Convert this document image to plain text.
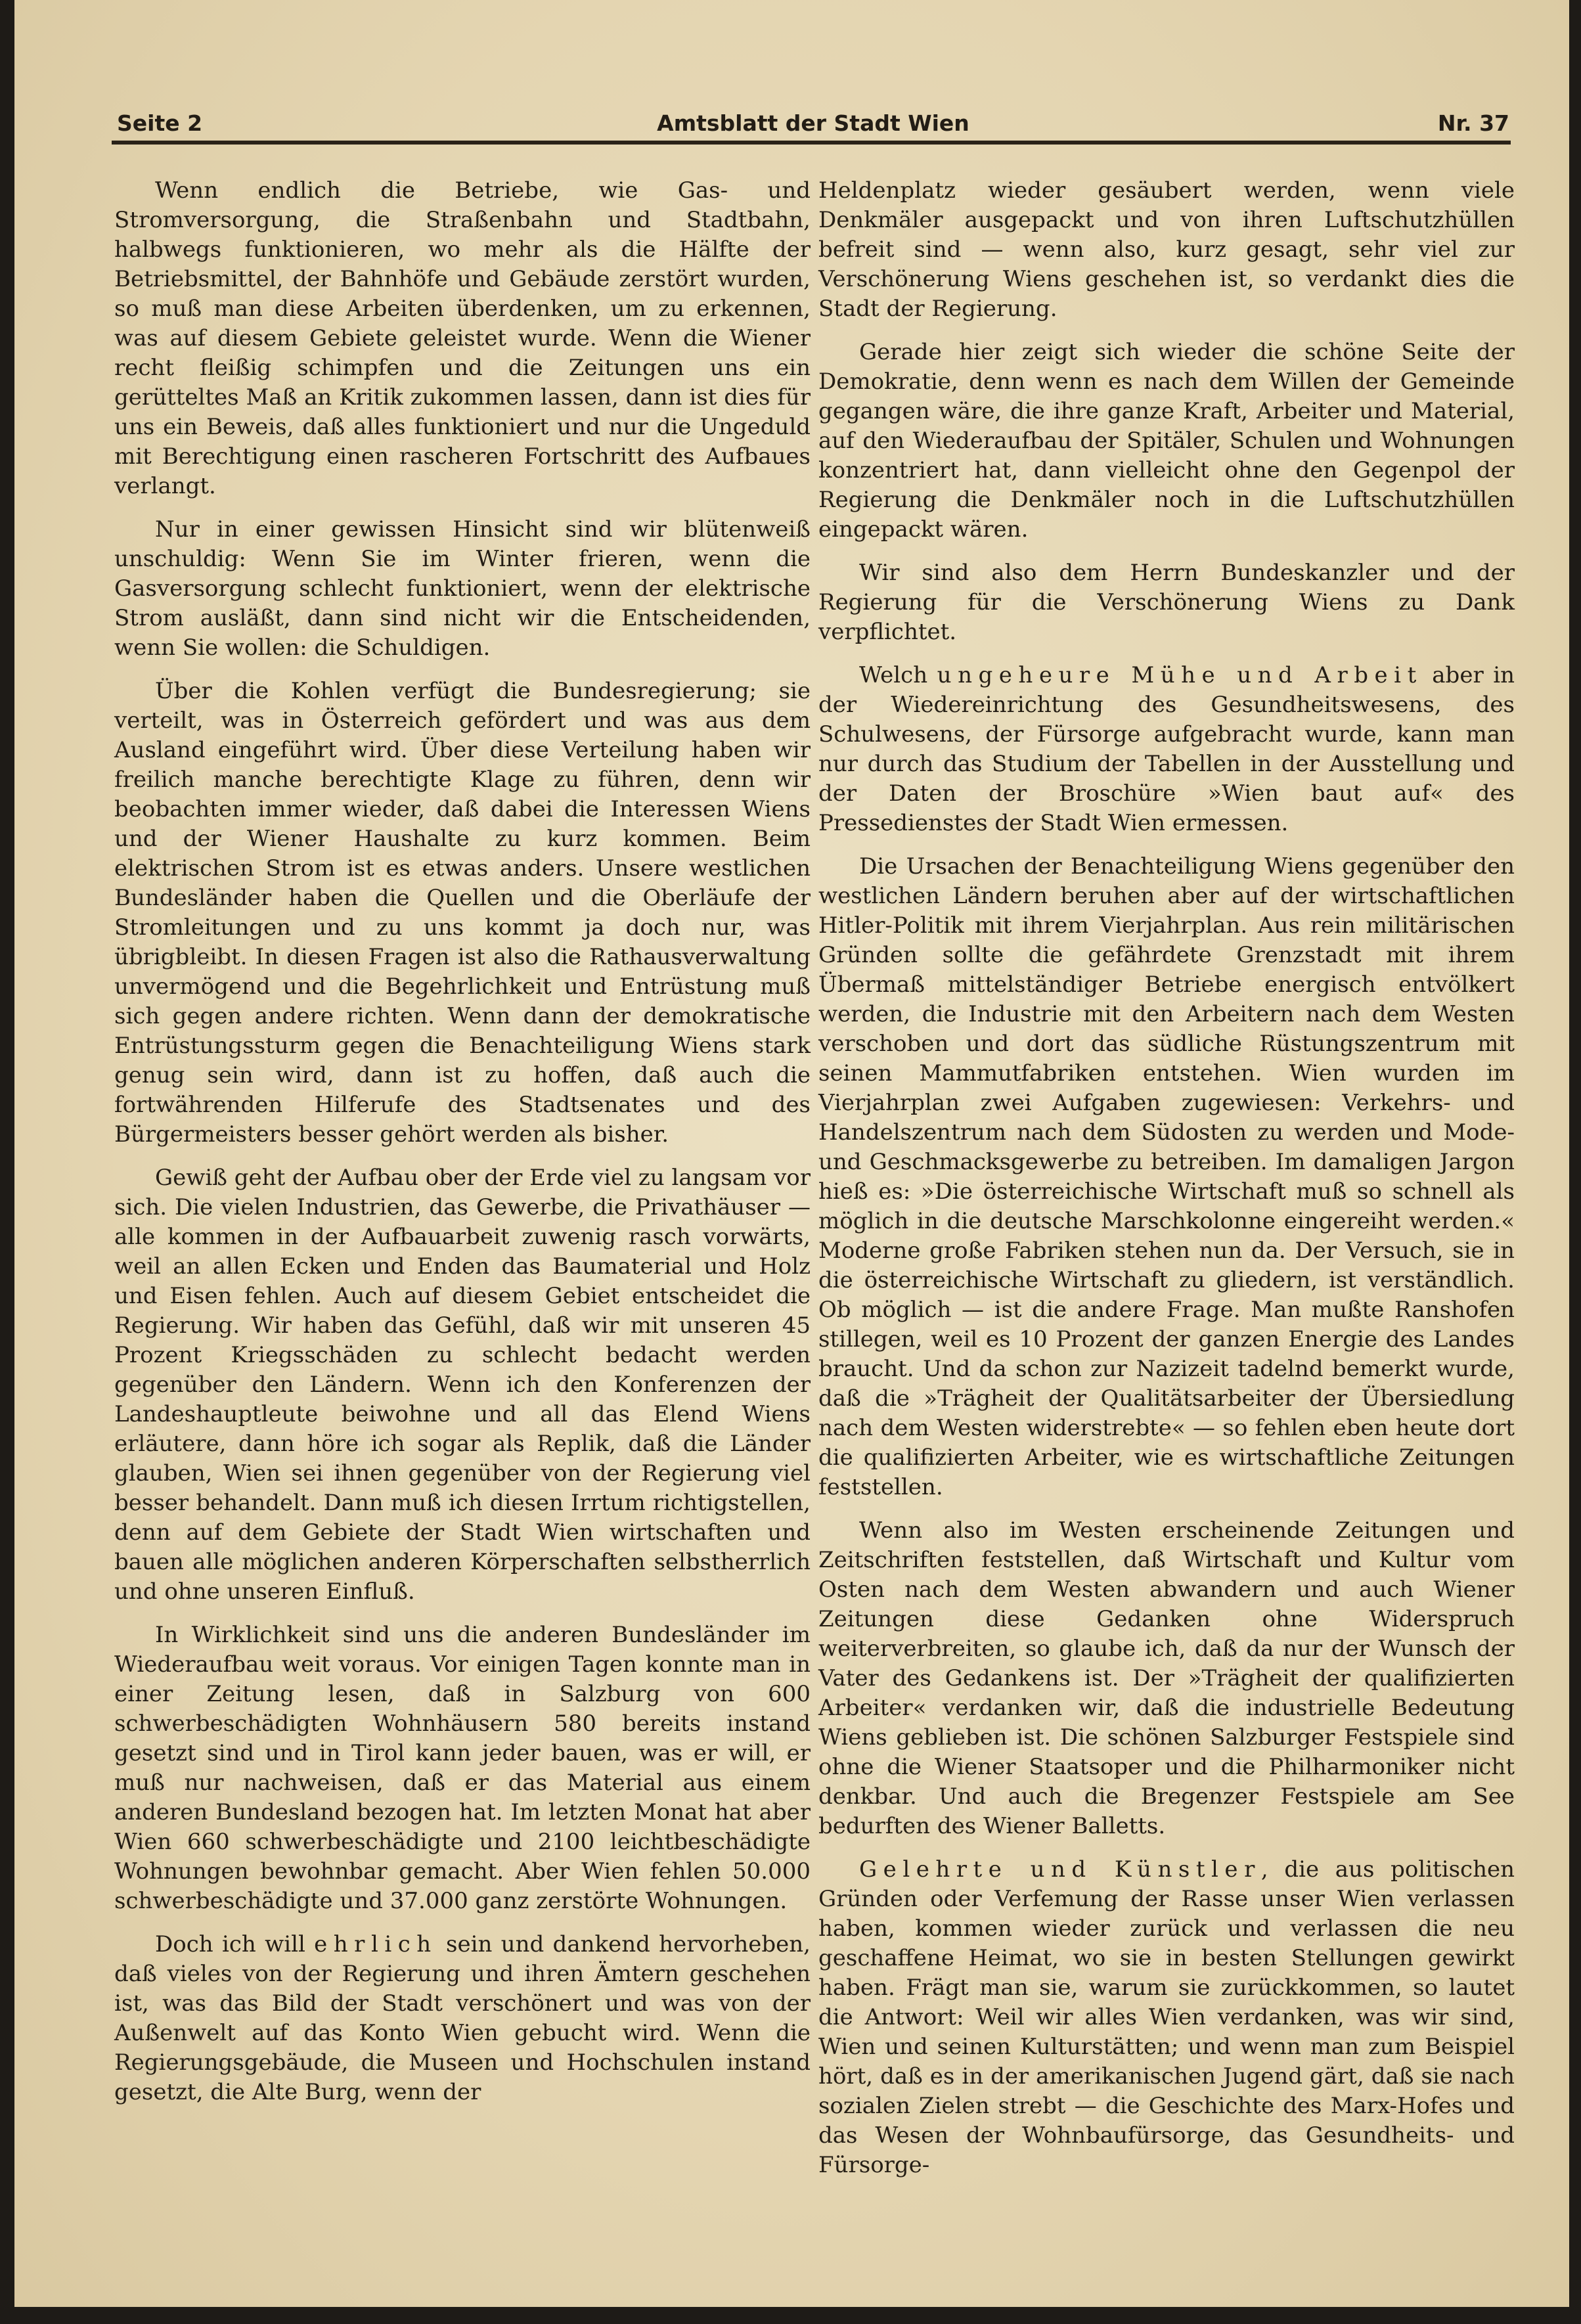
Seite 2	Amtsblatt der Stadt Wien	Nr. 37

Wenn endlich die Betriebe, wie Gas- und Stromversorgung, die Straßenbahn und Stadtbahn, halbwegs funktionieren, wo mehr als die Hälfte der Betriebsmittel, der Bahnhöfe und Gebäude zerstört wurden, so muß man diese Arbeiten überdenken, um zu erkennen, was auf diesem Gebiete geleistet wurde. Wenn die Wiener recht fleißig schimpfen und die Zeitungen uns ein gerütteltes Maß an Kritik zukommen lassen, dann ist dies für uns ein Beweis, daß alles funktioniert und nur die Ungeduld mit Berechtigung einen rascheren Fortschritt des Aufbaues verlangt.

Nur in einer gewissen Hinsicht sind wir blütenweiß unschuldig: Wenn Sie im Winter frieren, wenn die Gasversorgung schlecht funktioniert, wenn der elektrische Strom ausläßt, dann sind nicht wir die Entscheidenden, wenn Sie wollen: die Schuldigen.

Über die Kohlen verfügt die Bundesregierung; sie verteilt, was in Österreich gefördert und was aus dem Ausland eingeführt wird. Über diese Verteilung haben wir freilich manche berechtigte Klage zu führen, denn wir beobachten immer wieder, daß dabei die Interessen Wiens und der Wiener Haushalte zu kurz kommen. Beim elektrischen Strom ist es etwas anders. Unsere westlichen Bundesländer haben die Quellen und die Oberläufe der Stromleitungen und zu uns kommt ja doch nur, was übrigbleibt. In diesen Fragen ist also die Rathausverwaltung unvermögend und die Begehrlichkeit und Entrüstung muß sich gegen andere richten. Wenn dann der demokratische Entrüstungssturm gegen die Benachteiligung Wiens stark genug sein wird, dann ist zu hoffen, daß auch die fortwährenden Hilferufe des Stadtsenates und des Bürgermeisters besser gehört werden als bisher.

Gewiß geht der Aufbau ober der Erde viel zu langsam vor sich. Die vielen Industrien, das Gewerbe, die Privathäuser — alle kommen in der Aufbauarbeit zuwenig rasch vorwärts, weil an allen Ecken und Enden das Baumaterial und Holz und Eisen fehlen. Auch auf diesem Gebiet entscheidet die Regierung. Wir haben das Gefühl, daß wir mit unseren 45 Prozent Kriegsschäden zu schlecht bedacht werden gegenüber den Ländern. Wenn ich den Konferenzen der Landeshauptleute beiwohne und all das Elend Wiens erläutere, dann höre ich sogar als Replik, daß die Länder glauben, Wien sei ihnen gegenüber von der Regierung viel besser behandelt. Dann muß ich diesen Irrtum richtigstellen, denn auf dem Gebiete der Stadt Wien wirtschaften und bauen alle möglichen anderen Körperschaften selbstherrlich und ohne unseren Einfluß.

In Wirklichkeit sind uns die anderen Bundesländer im Wiederaufbau weit voraus. Vor einigen Tagen konnte man in einer Zeitung lesen, daß in Salzburg von 600 schwerbeschädigten Wohnhäusern 580 bereits instand gesetzt sind und in Tirol kann jeder bauen, was er will, er muß nur nachweisen, daß er das Material aus einem anderen Bundesland bezogen hat. Im letzten Monat hat aber Wien 660 schwerbeschädigte und 2100 leichtbeschädigte Wohnungen bewohnbar gemacht. Aber Wien fehlen 50.000 schwerbeschädigte und 37.000 ganz zerstörte Wohnungen.

Doch ich will ehrlich sein und dankend hervorheben, daß vieles von der Regierung und ihren Ämtern geschehen ist, was das Bild der Stadt verschönert und was von der Außenwelt auf das Konto Wien gebucht wird. Wenn die Regierungsgebäude, die Museen und Hochschulen instand gesetzt, die Alte Burg, wenn der

Heldenplatz wieder gesäubert werden, wenn viele Denkmäler ausgepackt und von ihren Luftschutzhüllen befreit sind — wenn also, kurz gesagt, sehr viel zur Verschönerung Wiens geschehen ist, so verdankt dies die Stadt der Regierung.

Gerade hier zeigt sich wieder die schöne Seite der Demokratie, denn wenn es nach dem Willen der Gemeinde gegangen wäre, die ihre ganze Kraft, Arbeiter und Material, auf den Wiederaufbau der Spitäler, Schulen und Wohnungen konzentriert hat, dann vielleicht ohne den Gegenpol der Regierung die Denkmäler noch in die Luftschutzhüllen eingepackt wären.

Wir sind also dem Herrn Bundeskanzler und der Regierung für die Verschönerung Wiens zu Dank verpflichtet.

Welch ungeheure Mühe und Arbeit aber in der Wiedereinrichtung des Gesundheitswesens, des Schulwesens, der Fürsorge aufgebracht wurde, kann man nur durch das Studium der Tabellen in der Ausstellung und der Daten der Broschüre »Wien baut auf« des Pressedienstes der Stadt Wien ermessen.

Die Ursachen der Benachteiligung Wiens gegenüber den westlichen Ländern beruhen aber auf der wirtschaftlichen Hitler-Politik mit ihrem Vierjahrplan. Aus rein militärischen Gründen sollte die gefährdete Grenzstadt mit ihrem Übermaß mittelständiger Betriebe energisch entvölkert werden, die Industrie mit den Arbeitern nach dem Westen verschoben und dort das südliche Rüstungszentrum mit seinen Mammutfabriken entstehen. Wien wurden im Vierjahrplan zwei Aufgaben zugewiesen: Verkehrs- und Handelszentrum nach dem Südosten zu werden und Mode- und Geschmacksgewerbe zu betreiben. Im damaligen Jargon hieß es: »Die österreichische Wirtschaft muß so schnell als möglich in die deutsche Marschkolonne eingereiht werden.« Moderne große Fabriken stehen nun da. Der Versuch, sie in die österreichische Wirtschaft zu gliedern, ist verständlich. Ob möglich — ist die andere Frage. Man mußte Ranshofen stillegen, weil es 10 Prozent der ganzen Energie des Landes braucht. Und da schon zur Nazizeit tadelnd bemerkt wurde, daß die »Trägheit der Qualitätsarbeiter der Übersiedlung nach dem Westen widerstrebte« — so fehlen eben heute dort die qualifizierten Arbeiter, wie es wirtschaftliche Zeitungen feststellen.

Wenn also im Westen erscheinende Zeitungen und Zeitschriften feststellen, daß Wirtschaft und Kultur vom Osten nach dem Westen abwandern und auch Wiener Zeitungen diese Gedanken ohne Widerspruch weiterverbreiten, so glaube ich, daß da nur der Wunsch der Vater des Gedankens ist. Der »Trägheit der qualifizierten Arbeiter« verdanken wir, daß die industrielle Bedeutung Wiens geblieben ist. Die schönen Salzburger Festspiele sind ohne die Wiener Staatsoper und die Philharmoniker nicht denkbar. Und auch die Bregenzer Festspiele am See bedurften des Wiener Balletts.

Gelehrte und Künstler, die aus politischen Gründen oder Verfemung der Rasse unser Wien verlassen haben, kommen wieder zurück und verlassen die neu geschaffene Heimat, wo sie in besten Stellungen gewirkt haben. Frägt man sie, warum sie zurückkommen, so lautet die Antwort: Weil wir alles Wien verdanken, was wir sind, Wien und seinen Kulturstätten; und wenn man zum Beispiel hört, daß es in der amerikanischen Jugend gärt, daß sie nach sozialen Zielen strebt — die Geschichte des Marx-Hofes und das Wesen der Wohnbaufürsorge, das Gesundheits- und Fürsorge-
